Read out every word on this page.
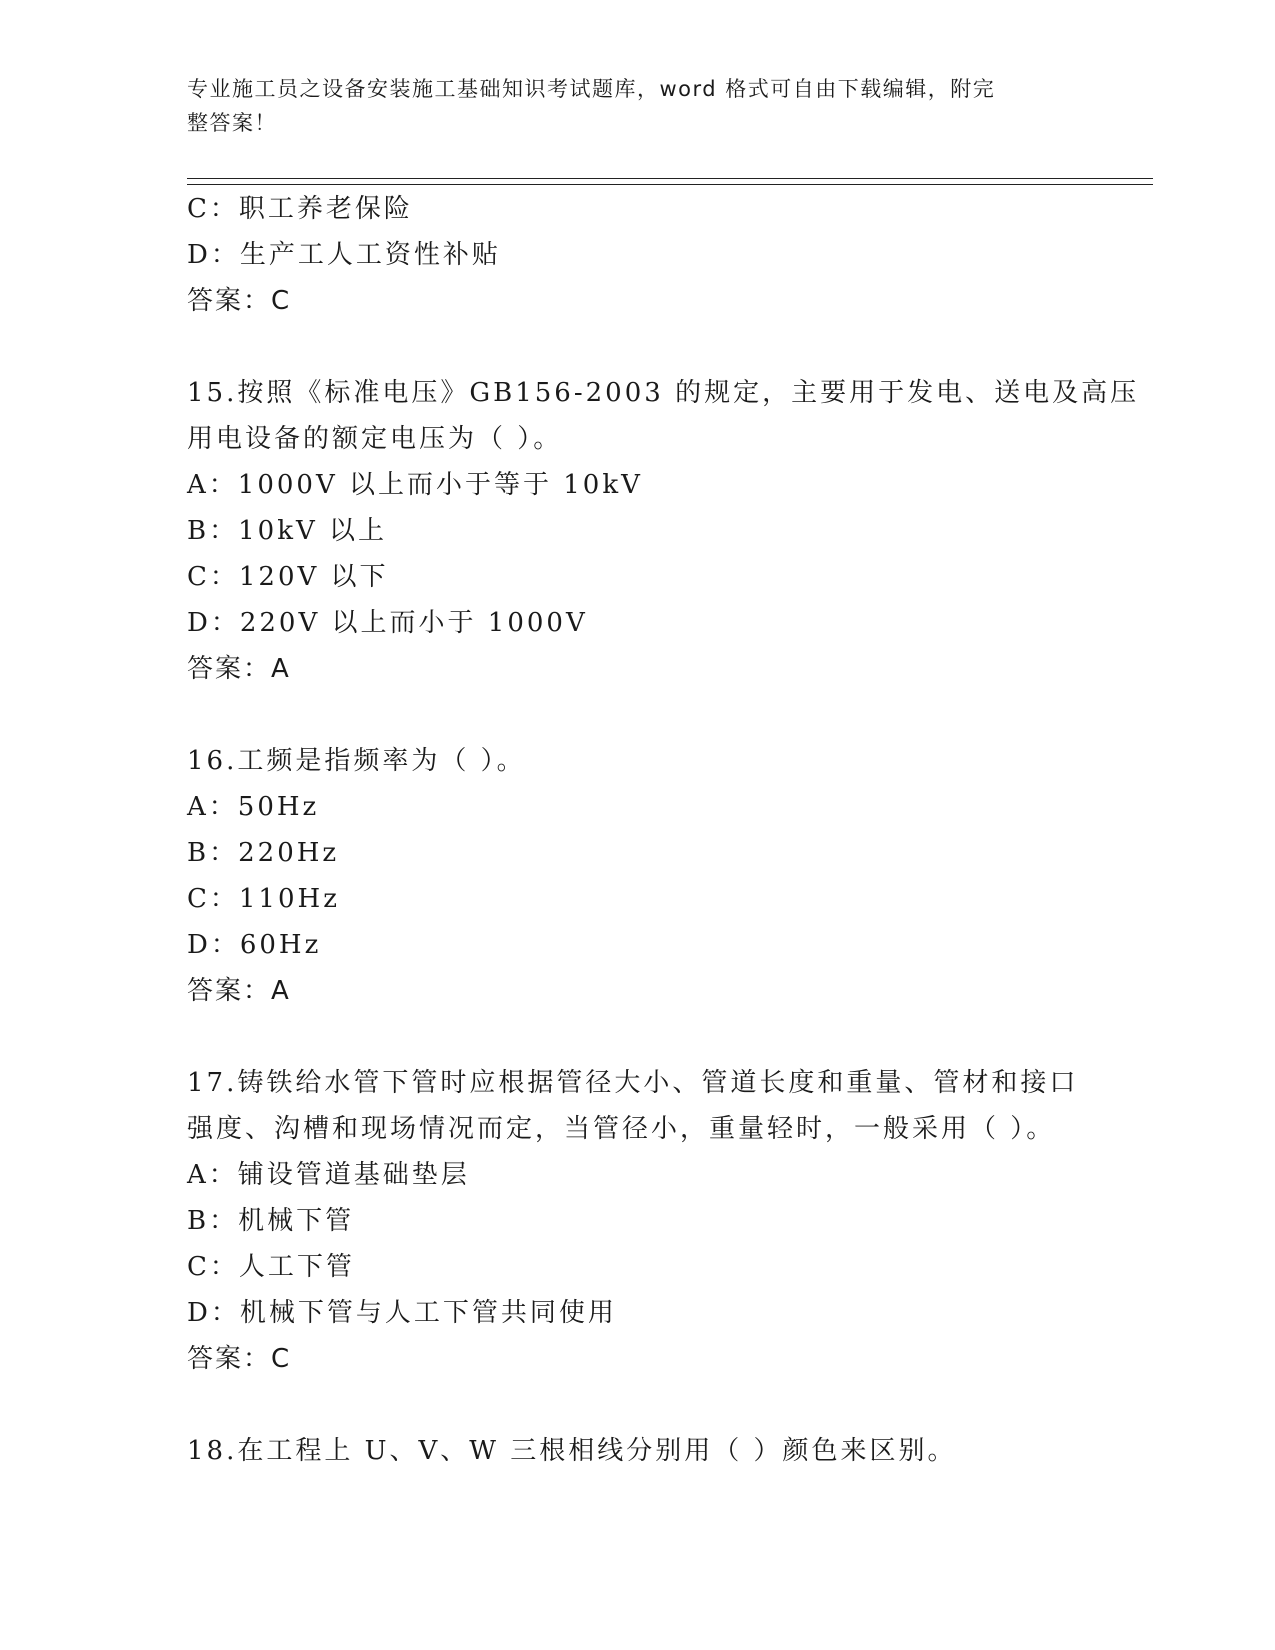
专业施工员之设备安装施工基础知识考试题库，word 格式可自由下载编辑，附完
整答案！
C：职工养老保险
D：生产工人工资性补贴
答案：C
15.按照《标准电压》GB156-2003 的规定，主要用于发电、送电及高压
用电设备的额定电压为（ ）。
A：1000V 以上而小于等于 10kV
B：10kV 以上
C：120V 以下
D：220V 以上而小于 1000V
答案：A
16.工频是指频率为（ ）。
A：50Hz
B：220Hz
C：110Hz
D：60Hz
答案：A
17.铸铁给水管下管时应根据管径大小、管道长度和重量、管材和接口
强度、沟槽和现场情况而定，当管径小，重量轻时，一般采用（ ）。
A：铺设管道基础垫层
B：机械下管
C：人工下管
D：机械下管与人工下管共同使用
答案：C
18.在工程上 U、V、W 三根相线分别用（ ）颜色来区别。
